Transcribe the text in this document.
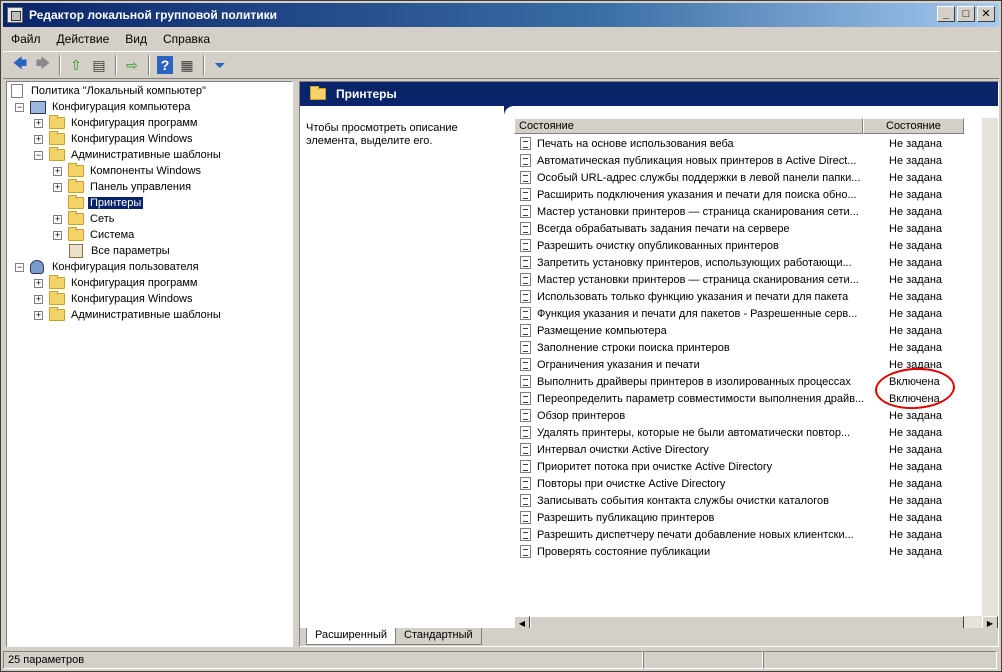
Редактор локальной групповой политики	_	□	✕
Файл	Действие	Вид	Справка
🡄 🡆	⇧ ▤	⇨	? ▦	⏷
Политика "Локальный компьютер"
−	Конфигурация компьютера
+	Конфигурация программ
+	Конфигурация Windows
−	Административные шаблоны
+	Компоненты Windows
+	Панель управления
Принтеры
+	Сеть
+	Система
Все параметры
−	Конфигурация пользователя
+	Конфигурация программ
+	Конфигурация Windows
+	Административные шаблоны
Принтеры
Чтобы просмотреть описание элемента, выделите его.
Состояние	Состояние
Печать на основе использования веба	Не задана
Автоматическая публикация новых принтеров в Active Direct...	Не задана
Особый URL-адрес службы поддержки в левой панели папки...	Не задана
Расширить подключения указания и печати для поиска обно...	Не задана
Мастер установки принтеров — страница сканирования сети...	Не задана
Всегда обрабатывать задания печати на сервере	Не задана
Разрешить очистку опубликованных принтеров	Не задана
Запретить установку принтеров, использующих работающи...	Не задана
Мастер установки принтеров — страница сканирования сети...	Не задана
Использовать только функцию указания и печати для пакета	Не задана
Функция указания и печати для пакетов - Разрешенные серв...	Не задана
Размещение компьютера	Не задана
Заполнение строки поиска принтеров	Не задана
Ограничения указания и печати	Не задана
Выполнить драйверы принтеров в изолированных процессах	Включена
Переопределить параметр совместимости выполнения драйв... Включена
Обзор принтеров	Не задана
Удалять принтеры, которые не были автоматически повтор...	Не задана
Интервал очистки Active Directory	Не задана
Приоритет потока при очистке Active Directory	Не задана
Повторы при очистке Active Directory	Не задана
Записывать события контакта службы очистки каталогов	Не задана
Разрешить публикацию принтеров	Не задана
Разрешить диспетчеру печати добавление новых клиентски...	Не задана
Проверять состояние публикации	Не задана
◀	▶
Расширенный	Стандартный
25 параметров
